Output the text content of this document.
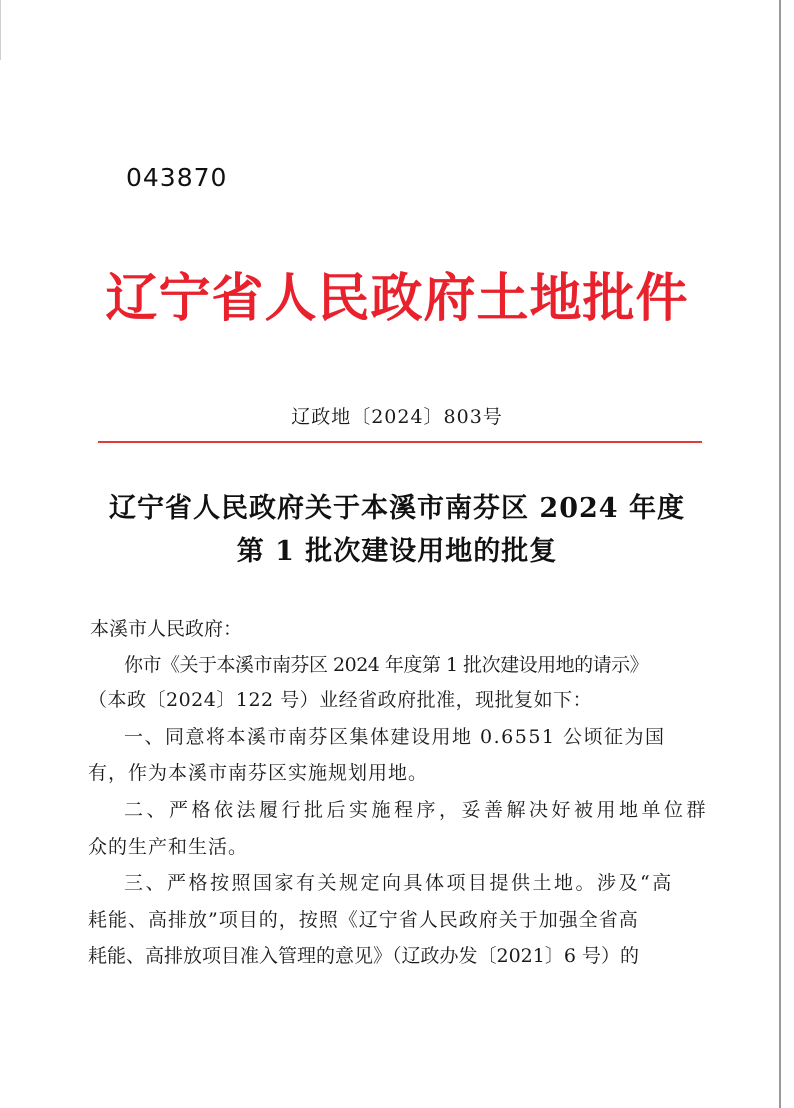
043870
辽宁省人民政府土地批件
辽政地〔2024〕803号
辽宁省人民政府关于本溪市南芬区 2024 年度
第 1 批次建设用地的批复
本溪市人民政府：
你市《关于本溪市南芬区 2024 年度第 1 批次建设用地的请示》
（本政〔2024〕122 号）业经省政府批准，现批复如下：
一、同意将本溪市南芬区集体建设用地 0.6551 公顷征为国
有，作为本溪市南芬区实施规划用地。
二、严格依法履行批后实施程序，妥善解决好被用地单位群
众的生产和生活。
三、严格按照国家有关规定向具体项目提供土地。涉及“高
耗能、高排放”项目的，按照《辽宁省人民政府关于加强全省高
耗能、高排放项目准入管理的意见》（辽政办发〔2021〕6 号）的
